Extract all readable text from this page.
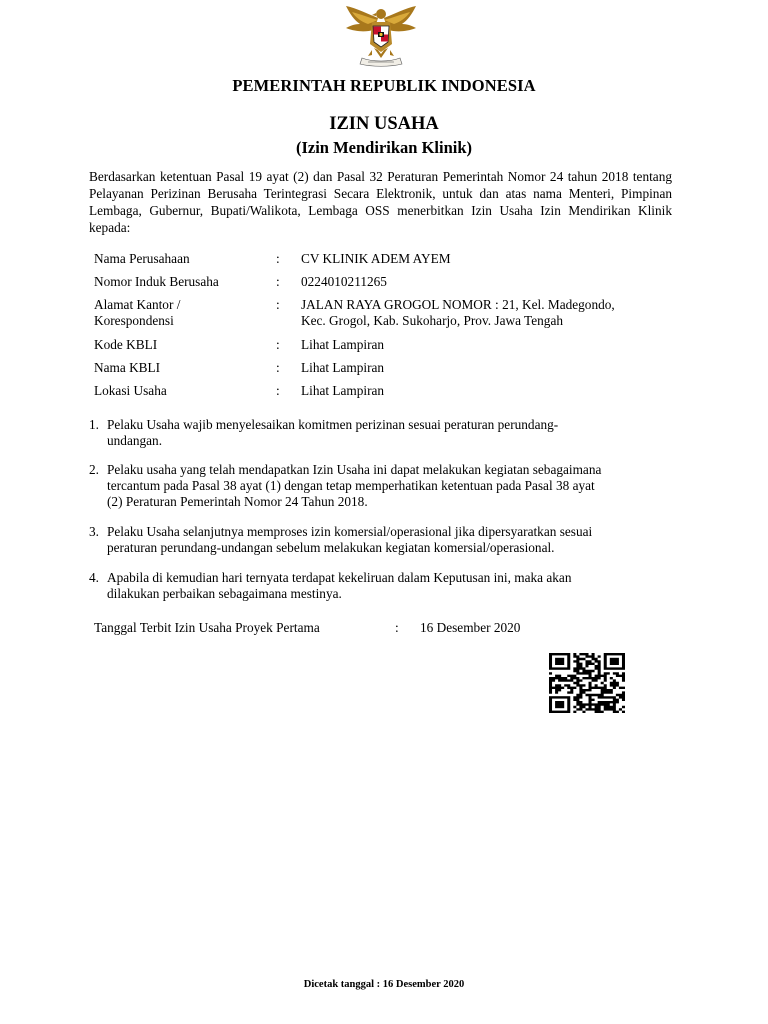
PEMERINTAH REPUBLIK INDONESIA
IZIN USAHA
(Izin Mendirikan Klinik)
Berdasarkan ketentuan Pasal 19 ayat (2) dan Pasal 32 Peraturan Pemerintah Nomor 24 tahun 2018 tentang Pelayanan Perizinan Berusaha Terintegrasi Secara Elektronik, untuk dan atas nama Menteri, Pimpinan Lembaga, Gubernur, Bupati/Walikota, Lembaga OSS menerbitkan Izin Usaha Izin Mendirikan Klinik kepada:
Nama Perusahaan	:	CV KLINIK ADEM AYEM
Nomor Induk Berusaha	:	0224010211265
Alamat Kantor /
Korespondensi
:	JALAN RAYA GROGOL NOMOR : 21, Kel. Madegondo,
Kec. Grogol, Kab. Sukoharjo, Prov. Jawa Tengah
Kode KBLI	:	Lihat Lampiran
Nama KBLI	:	Lihat Lampiran
Lokasi Usaha	:	Lihat Lampiran
1. Pelaku Usaha wajib menyelesaikan komitmen perizinan sesuai peraturan perundang-
undangan.
2. Pelaku usaha yang telah mendapatkan Izin Usaha ini dapat melakukan kegiatan sebagaimana
tercantum pada Pasal 38 ayat (1) dengan tetap memperhatikan ketentuan pada Pasal 38 ayat
(2) Peraturan Pemerintah Nomor 24 Tahun 2018.
3. Pelaku Usaha selanjutnya memproses izin komersial/operasional jika dipersyaratkan sesuai
peraturan perundang-undangan sebelum melakukan kegiatan komersial/operasional.
4. Apabila di kemudian hari ternyata terdapat kekeliruan dalam Keputusan ini, maka akan
dilakukan perbaikan sebagaimana mestinya.
Tanggal Terbit Izin Usaha Proyek Pertama	: 16 Desember 2020
Dicetak tanggal : 16 Desember 2020
